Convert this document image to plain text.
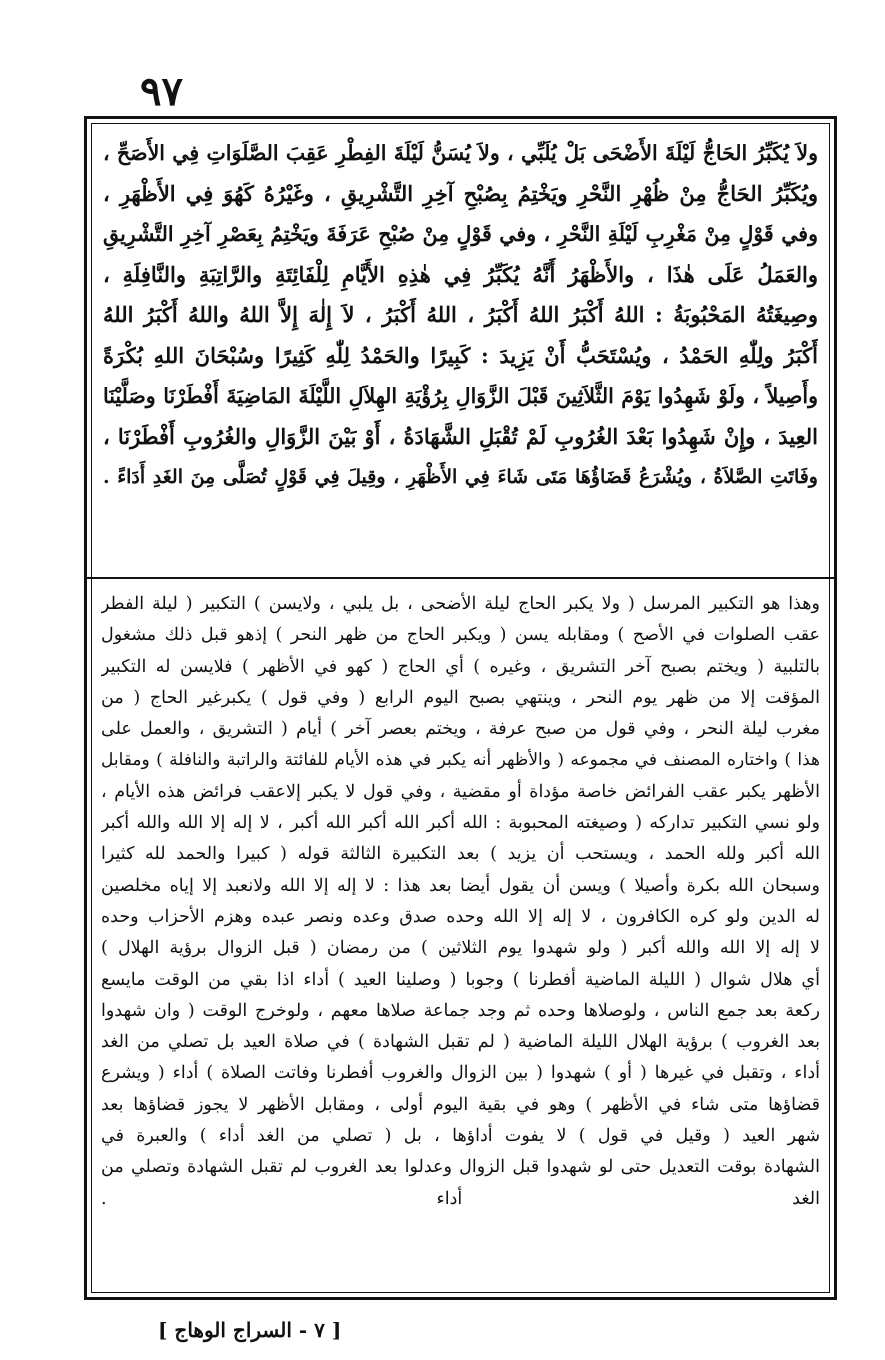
٩٧
ولاَ يُكَبِّرُ الحَاجُّ لَيْلَةَ الأَضْحَى بَلْ يُلَبِّي ، ولاَ يُسَنُّ لَيْلَةَ الفِطْرِ عَقِبَ الصَّلَوَاتِ فِي الأَصَحِّ ،
ويُكَبِّرُ الحَاجُّ مِنْ ظُهْرِ النَّحْرِ ويَخْتِمُ بِصُبْحِ آخِرِ التَّشْرِيقِ ، وغَيْرُهُ كَهُوَ فِي الأَظْهَرِ ،
وفي قَوْلٍ مِنْ مَغْرِبِ لَيْلَةِ النَّحْرِ ، وفي قَوْلٍ مِنْ صُبْحِ عَرَفَةَ ويَخْتِمُ بِعَصْرِ آخِرِ التَّشْرِيقِ
والعَمَلُ عَلَى هٰذَا ، والأَظْهَرُ أَنَّهُ يُكَبِّرُ فِي هٰذِهِ الأَيَّامِ لِلْفَائِتَةِ والرَّاتِبَةِ والنَّافِلَةِ ،
وصِيغَتُهُ المَحْبُوبَةُ : اللهُ أَكْبَرُ اللهُ أَكْبَرُ ، اللهُ أَكْبَرُ ، لاَ إِلٰهَ إِلاَّ اللهُ واللهُ أَكْبَرُ اللهُ
أَكْبَرُ ولِلّٰهِ الحَمْدُ ، ويُسْتَحَبُّ أَنْ يَزِيدَ : كَبِيرًا والحَمْدُ لِلّٰهِ كَثِيرًا وسُبْحَانَ اللهِ بُكْرَةً
وأَصِيلاً ، ولَوْ شَهِدُوا يَوْمَ الثَّلاَثِينَ قَبْلَ الزَّوَالِ بِرُؤْيَةِ الهِلاَلِ اللَّيْلَةَ المَاضِيَةَ أَفْطَرْنَا وصَلَّيْنَا
العِيدَ ، وإِنْ شَهِدُوا بَعْدَ الغُرُوبِ لَمْ تُقْبَلِ الشَّهَادَةُ ، أَوْ بَيْنَ الزَّوَالِ والغُرُوبِ أَفْطَرْنَا ،
وفَاتَتِ الصَّلاَةُ ، ويُشْرَعُ قَضَاؤُهَا مَتَى شَاءَ فِي الأَظْهَرِ ، وقِيلَ فِي قَوْلٍ تُصَلَّى مِنَ الغَدِ أَدَاءً .
وهذا هو التكبير المرسل ( ولا يكبر الحاج ليلة الأضحى ، بل يلبي ، ولايسن ) التكبير ( ليلة الفطر
عقب الصلوات في الأصح ) ومقابله يسن ( ويكبر الحاج من ظهر النحر ) إذهو قبل ذلك مشغول
بالتلبية ( ويختم بصبح آخر التشريق ، وغيره ) أي الحاج ( كهو في الأظهر ) فلايسن له التكبير
المؤقت إلا من ظهر يوم النحر ، وينتهي بصبح اليوم الرابع ( وفي قول ) يكبرغير الحاج ( من
مغرب ليلة النحر ، وفي قول من صبح عرفة ، ويختم بعصر آخر ) أيام ( التشريق ، والعمل على
هذا ) واختاره المصنف في مجموعه ( والأظهر أنه يكبر في هذه الأيام للفائتة والراتبة والنافلة ) ومقابل
الأظهر يكبر عقب الفرائض خاصة مؤداة أو مقضية ، وفي قول لا يكبر إلاعقب فرائض هذه الأيام ،
ولو نسي التكبير تداركه ( وصيغته المحبوبة : الله أكبر الله أكبر الله أكبر ، لا إله إلا الله والله أكبر
الله أكبر ولله الحمد ، ويستحب أن يزيد ) بعد التكبيرة الثالثة قوله ( كبيرا والحمد لله كثيرا
وسبحان الله بكرة وأصيلا ) ويسن أن يقول أيضا بعد هذا : لا إله إلا الله ولانعبد إلا إياه مخلصين
له الدين ولو كره الكافرون ، لا إله إلا الله وحده صدق وعده ونصر عبده وهزم الأحزاب وحده
لا إله إلا الله والله أكبر ( ولو شهدوا يوم الثلاثين ) من رمضان ( قبل الزوال برؤية الهلال )
أي هلال شوال ( الليلة الماضية أفطرنا ) وجوبا ( وصلينا العيد ) أداء اذا بقي من الوقت مايسع
ركعة بعد جمع الناس ، ولوصلاها وحده ثم وجد جماعة صلاها معهم ، ولوخرج الوقت ( وان شهدوا
بعد الغروب ) برؤية الهلال الليلة الماضية ( لم تقبل الشهادة ) في صلاة العيد بل تصلي من الغد
أداء ، وتقبل في غيرها ( أو ) شهدوا ( بين الزوال والغروب أفطرنا وفاتت الصلاة ) أداء ( ويشرع
قضاؤها متى شاء في الأظهر ) وهو في بقية اليوم أولى ، ومقابل الأظهر لا يجوز قضاؤها بعد
شهر العيد ( وقيل في قول ) لا يفوت أداؤها ، بل ( تصلي من الغد أداء ) والعبرة في
الشهادة بوقت التعديل حتى لو شهدوا قبل الزوال وعدلوا بعد الغروب لم تقبل الشهادة وتصلي من
الغد أداء .
[ ٧ - السراج الوهاج ]
